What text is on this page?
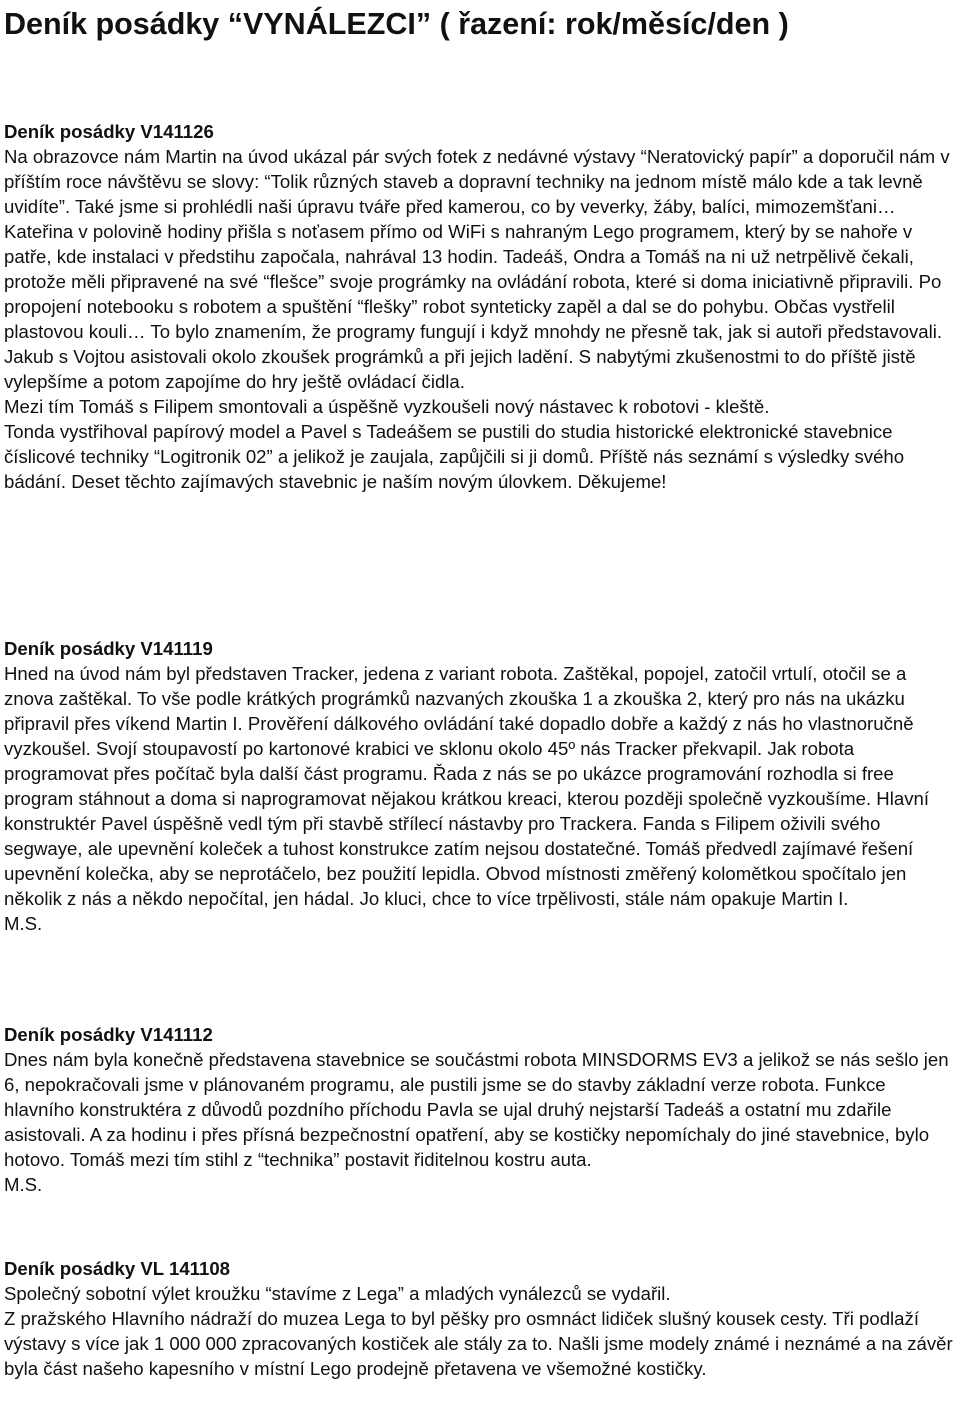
Deník posádky “VYNÁLEZCI” ( řazení: rok/měsíc/den )
Deník posádky V141126

Na obrazovce nám Martin na úvod ukázal pár svých fotek z nedávné výstavy “Neratovický papír” a doporučil nám v příštím roce návštěvu se slovy: “Tolik různých staveb a dopravní techniky na jednom místě málo kde a tak levně uvidíte”. Také jsme si prohlédli naši úpravu tváře před kamerou, co by veverky, žáby, balíci, mimozemšťani…

Kateřina v polovině hodiny přišla s noťasem přímo od WiFi s nahraným Lego programem, který by se nahoře v patře, kde instalaci v předstihu započala, nahrával 13 hodin. Tadeáš, Ondra a Tomáš na ni už netrpělivě čekali, protože měli připravené na své “flešce” svoje prográmky na ovládání robota, které si doma iniciativně připravili. Po propojení notebooku s robotem a spuštění “flešky” robot synteticky zapěl a dal se do pohybu. Občas vystřelil plastovou kouli… To bylo znamením, že programy fungují i když mnohdy ne přesně tak, jak si autoři představovali. Jakub s Vojtou asistovali okolo zkoušek prográmků a při jejich ladění. S nabytými zkušenostmi to do příště jistě vylepšíme a potom zapojíme do hry ještě ovládací čidla.

Mezi tím Tomáš s Filipem smontovali a úspěšně vyzkoušeli nový nástavec k robotovi - kleště.

Tonda vystřihoval papírový model a Pavel s Tadeášem se pustili do studia historické elektronické stavebnice číslicové techniky “Logitronik 02” a jelikož je zaujala, zapůjčili si ji domů. Příště nás seznámí s výsledky svého bádání. Deset těchto zajímavých stavebnic je naším novým úlovkem. Děkujeme!

Deník posádky V141119

Hned na úvod nám byl představen Tracker, jedena z variant robota. Zaštěkal, popojel, zatočil vrtulí, otočil se a znova zaštěkal. To vše podle krátkých prográmků nazvaných zkouška 1 a zkouška 2, který pro nás na ukázku připravil přes víkend Martin I. Prověření dálkového ovládání také dopadlo dobře a každý z nás ho vlastnoručně vyzkoušel. Svojí stoupavostí po kartonové krabici ve sklonu okolo 45º nás Tracker překvapil. Jak robota programovat přes počítač byla další část programu. Řada z nás se po ukázce programování rozhodla si free program stáhnout a doma si naprogramovat nějakou krátkou kreaci, kterou později společně vyzkoušíme. Hlavní konstruktér Pavel úspěšně vedl tým při stavbě střílecí nástavby pro Trackera. Fanda s Filipem oživili svého segwaye, ale upevnění koleček a tuhost konstrukce zatím nejsou dostatečné. Tomáš předvedl zajímavé řešení upevnění kolečka, aby se neprotáčelo, bez použití lepidla. Obvod místnosti změřený kolomětkou spočítalo jen několik z nás a někdo nepočítal, jen hádal. Jo kluci, chce to více trpělivosti, stále nám opakuje Martin I.

M.S.

Deník posádky V141112

Dnes nám byla konečně představena stavebnice se součástmi robota MINSDORMS EV3 a jelikož se nás sešlo jen 6, nepokračovali jsme v plánovaném programu, ale pustili jsme se do stavby základní verze robota. Funkce hlavního konstruktéra z důvodů pozdního příchodu Pavla se ujal druhý nejstarší Tadeáš a ostatní mu zdařile asistovali. A za hodinu i přes přísná bezpečnostní opatření, aby se kostičky nepomíchaly do jiné stavebnice, bylo hotovo. Tomáš mezi tím stihl z “technika” postavit řiditelnou kostru auta.

M.S.

Deník posádky VL 141108

Společný sobotní výlet kroužku “stavíme z Lega” a mladých vynálezců se vydařil.

Z pražského Hlavního nádraží do muzea Lega to byl pěšky pro osmnáct lidiček slušný kousek cesty. Tři podlaží výstavy s více jak 1 000 000 zpracovaných kostiček ale stály za to. Našli jsme modely známé i neznámé a na závěr byla část našeho kapesního v místní Lego prodejně přetavena ve všemožné kostičky.
